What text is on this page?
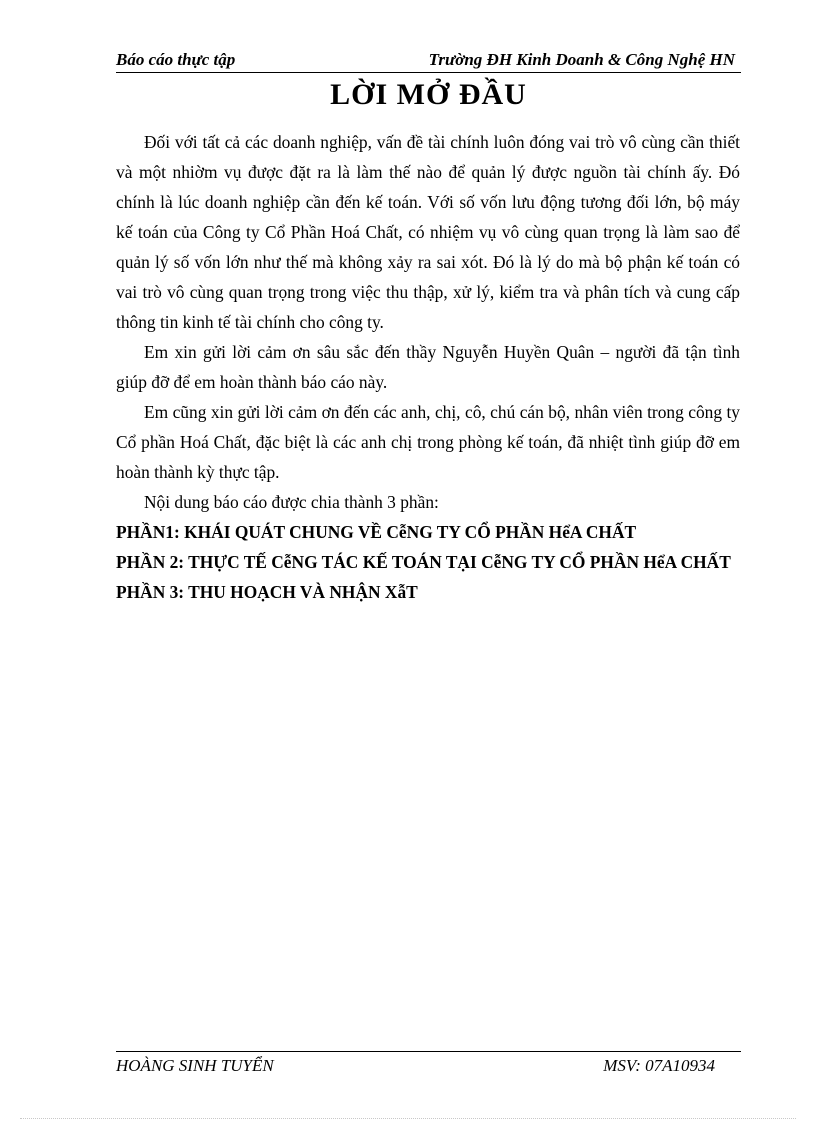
Báo cáo thực tập	Trường ĐH Kinh Doanh & Công Nghệ HN
LỜI MỞ ĐẦU

Đối với tất cả các doanh nghiệp, vấn đề tài chính luôn đóng vai trò vô cùng cần thiết và một nhiờm vụ được đặt ra là làm thế nào để quản lý được nguồn tài chính ấy. Đó chính là lúc doanh nghiệp cần đến kế toán. Với số vốn lưu động tương đối lớn, bộ máy kế toán của Công ty Cổ Phần Hoá Chất, có nhiệm vụ vô cùng quan trọng là làm sao để quản lý số vốn lớn như thế mà không xảy ra sai xót. Đó là lý do mà bộ phận kế toán có vai trò vô cùng quan trọng trong việc thu thập, xử lý, kiểm tra và phân tích và cung cấp thông tin kinh tế tài chính cho công ty.

Em xin gửi lời cảm ơn sâu sắc đến thầy Nguyễn Huyền Quân – người đã tận tình giúp đỡ để em hoàn thành báo cáo này.

Em cũng xin gửi lời cảm ơn đến các anh, chị, cô, chú cán bộ, nhân viên trong công ty Cổ phần Hoá Chất, đặc biệt là các anh chị trong phòng kế toán, đã nhiệt tình giúp đỡ em hoàn thành kỳ thực tập.

Nội dung báo cáo được chia thành 3 phần:

PHẦN1: KHÁI QUÁT CHUNG VỀ CễNG TY CỔ PHẦN HểA CHẤT

PHẦN 2: THỰC TẾ CễNG TÁC KẾ TOÁN TẠI CễNG TY CỔ PHẦN HểA CHẤT

PHẦN 3: THU HOẠCH VÀ NHẬN XẫT

HOÀNG SINH TUYỂN	MSV: 07A10934
